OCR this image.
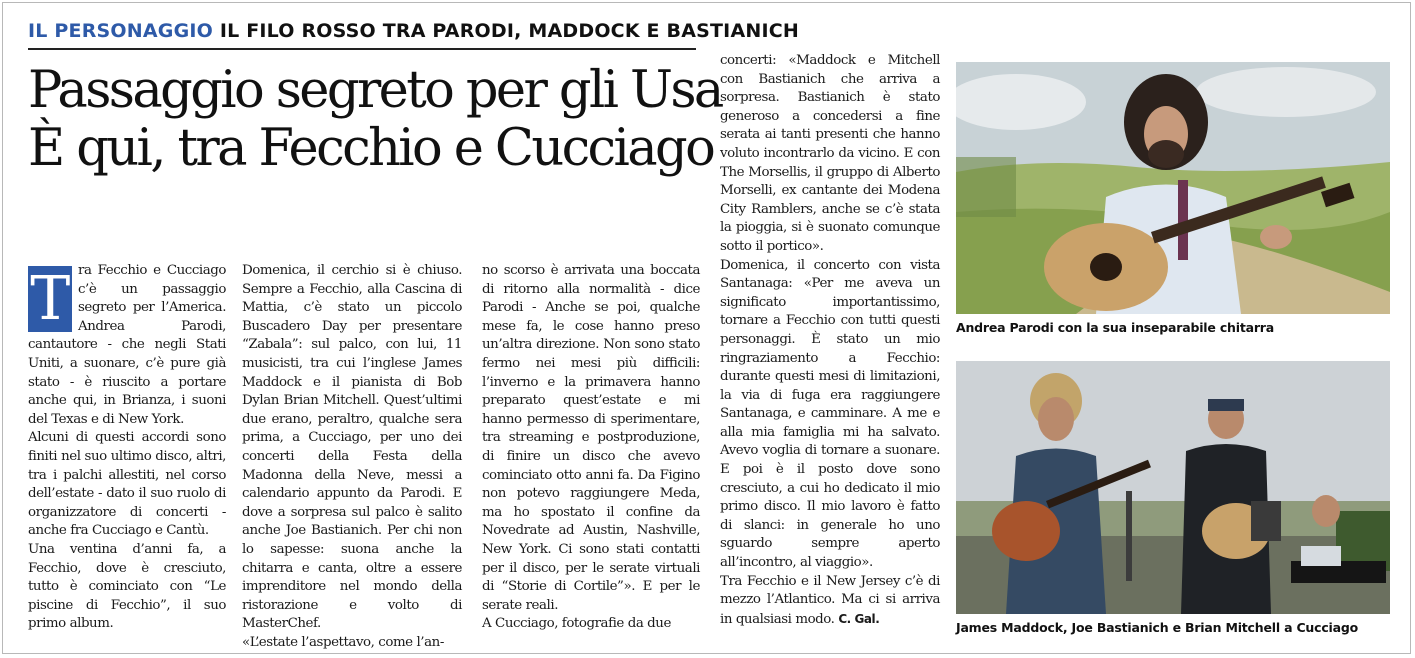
IL PERSONAGGIO IL FILO ROSSO TRA PARODI, MADDOCK E BASTIANICH
Passaggio segreto per gli Usa
È qui, tra Fecchio e Cucciago
T ra Fecchio e Cucciago c’è un passaggio segreto per l’America. Andrea Parodi, cantautore - che negli Stati Uniti, a suonare, c’è pure già stato - è riuscito a portare anche qui, in Brianza, i suoni del Texas e di New York.

Alcuni di questi accordi sono finiti nel suo ultimo disco, altri, tra i palchi allestiti, nel corso dell’estate - dato il suo ruolo di organizzatore di concerti - anche fra Cucciago e Cantù.

Una ventina d’anni fa, a Fecchio, dove è cresciuto, tutto è cominciato con “Le piscine di Fecchio”, il suo primo album.

Domenica, il cerchio si è chiuso. Sempre a Fecchio, alla Cascina di Mattia, c’è stato un piccolo Buscadero Day per presentare “Zabala”: sul palco, con lui, 11 musicisti, tra cui l’inglese James Maddock e il pianista di Bob Dylan Brian Mitchell. Quest’ultimi due erano, peraltro, qualche sera prima, a Cucciago, per uno dei concerti della Festa della Madonna della Neve, messi a calendario appunto da Parodi. E dove a sorpresa sul palco è salito anche Joe Bastianich. Per chi non lo sapesse: suona anche la chitarra e canta, oltre a essere imprenditore nel mondo della ristorazione e volto di MasterChef.

«L’estate l’aspettavo, come l’an-

no scorso è arrivata una boccata di ritorno alla normalità - dice Parodi - Anche se poi, qualche mese fa, le cose hanno preso un’altra direzione. Non sono stato fermo nei mesi più difficili: l’inverno e la primavera hanno preparato quest’estate e mi hanno permesso di sperimentare, tra streaming e postproduzione, di finire un disco che avevo cominciato otto anni fa. Da Figino non potevo raggiungere Meda, ma ho spostato il confine da Novedrate ad Austin, Nashville, New York. Ci sono stati contatti per il disco, per le serate virtuali di “Storie di Cortile”». E per le serate reali.

A Cucciago, fotografie da due

concerti: «Maddock e Mitchell con Bastianich che arriva a sorpresa. Bastianich è stato generoso a concedersi a fine serata ai tanti presenti che hanno voluto incontrarlo da vicino. E con The Morsellis, il gruppo di Alberto Morselli, ex cantante dei Modena City Ramblers, anche se c’è stata la pioggia, si è suonato comunque sotto il portico».

Domenica, il concerto con vista Santanaga: «Per me aveva un significato importantissimo, tornare a Fecchio con tutti questi personaggi. È stato un mio ringraziamento a Fecchio: durante questi mesi di limitazioni, la via di fuga era raggiungere Santanaga, e camminare. A me e alla mia famiglia mi ha salvato. Avevo voglia di tornare a suonare. E poi è il posto dove sono cresciuto, a cui ho dedicato il mio primo disco. Il mio lavoro è fatto di slanci: in generale ho uno sguardo sempre aperto all’incontro, al viaggio».

Tra Fecchio e il New Jersey c’è di mezzo l’Atlantico. Ma ci si arriva in qualsiasi modo. C. Gal.

Andrea Parodi con la sua inseparabile chitarra
James Maddock, Joe Bastianich e Brian Mitchell a Cucciago
